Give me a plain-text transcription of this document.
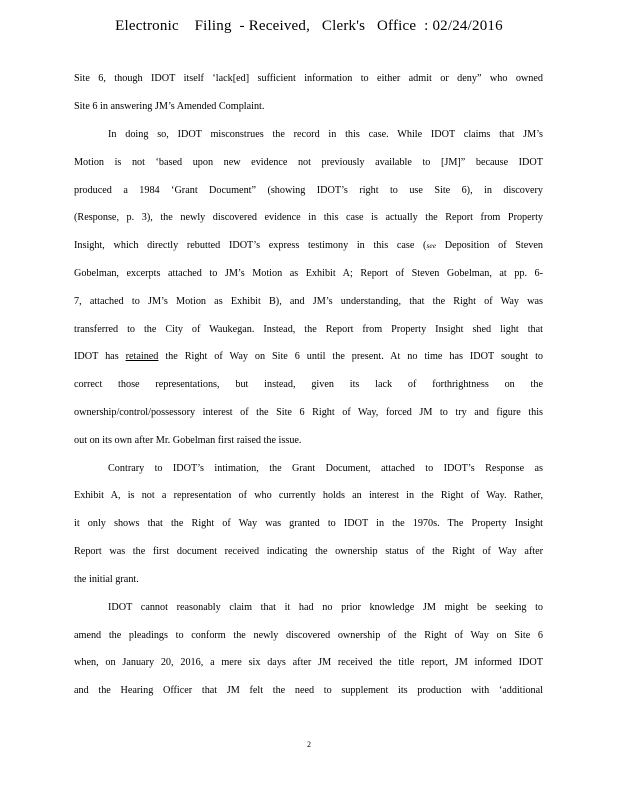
Electronic    Filing  - Received,   Clerk's   Office  : 02/24/2016
Site 6, though IDOT itself ‘lack[ed] sufficient information to either admit or deny” who owned
Site 6 in answering JM’s Amended Complaint.
In doing so, IDOT misconstrues the record in this case. While IDOT claims that JM’s
Motion is not ‘based upon new evidence not previously available to [JM]” because IDOT
produced a 1984 ‘Grant Document” (showing IDOT’s right to use Site 6), in discovery
(Response, p. 3), the newly discovered evidence in this case is actually the Report from Property
Insight, which directly rebutted IDOT’s express testimony in this case (see Deposition of Steven
Gobelman, excerpts attached to JM’s Motion as Exhibit A; Report of Steven Gobelman, at pp. 6-
7, attached to JM’s Motion as Exhibit B), and JM’s understanding, that the Right of Way was
transferred to the City of Waukegan. Instead, the Report from Property Insight shed light that
IDOT has retained the Right of Way on Site 6 until the present. At no time has IDOT sought to
correct those representations, but instead, given its lack of forthrightness on the
ownership/control/possessory interest of the Site 6 Right of Way, forced JM to try and figure this
out on its own after Mr. Gobelman first raised the issue.
Contrary to IDOT’s intimation, the Grant Document, attached to IDOT’s Response as
Exhibit A, is not a representation of who currently holds an interest in the Right of Way. Rather,
it only shows that the Right of Way was granted to IDOT in the 1970s. The Property Insight
Report was the first document received indicating the ownership status of the Right of Way after
the initial grant.
IDOT cannot reasonably claim that it had no prior knowledge JM might be seeking to
amend the pleadings to conform the newly discovered ownership of the Right of Way on Site 6
when, on January 20, 2016, a mere six days after JM received the title report, JM informed IDOT
and the Hearing Officer that JM felt the need to supplement its production with ‘additional
2
